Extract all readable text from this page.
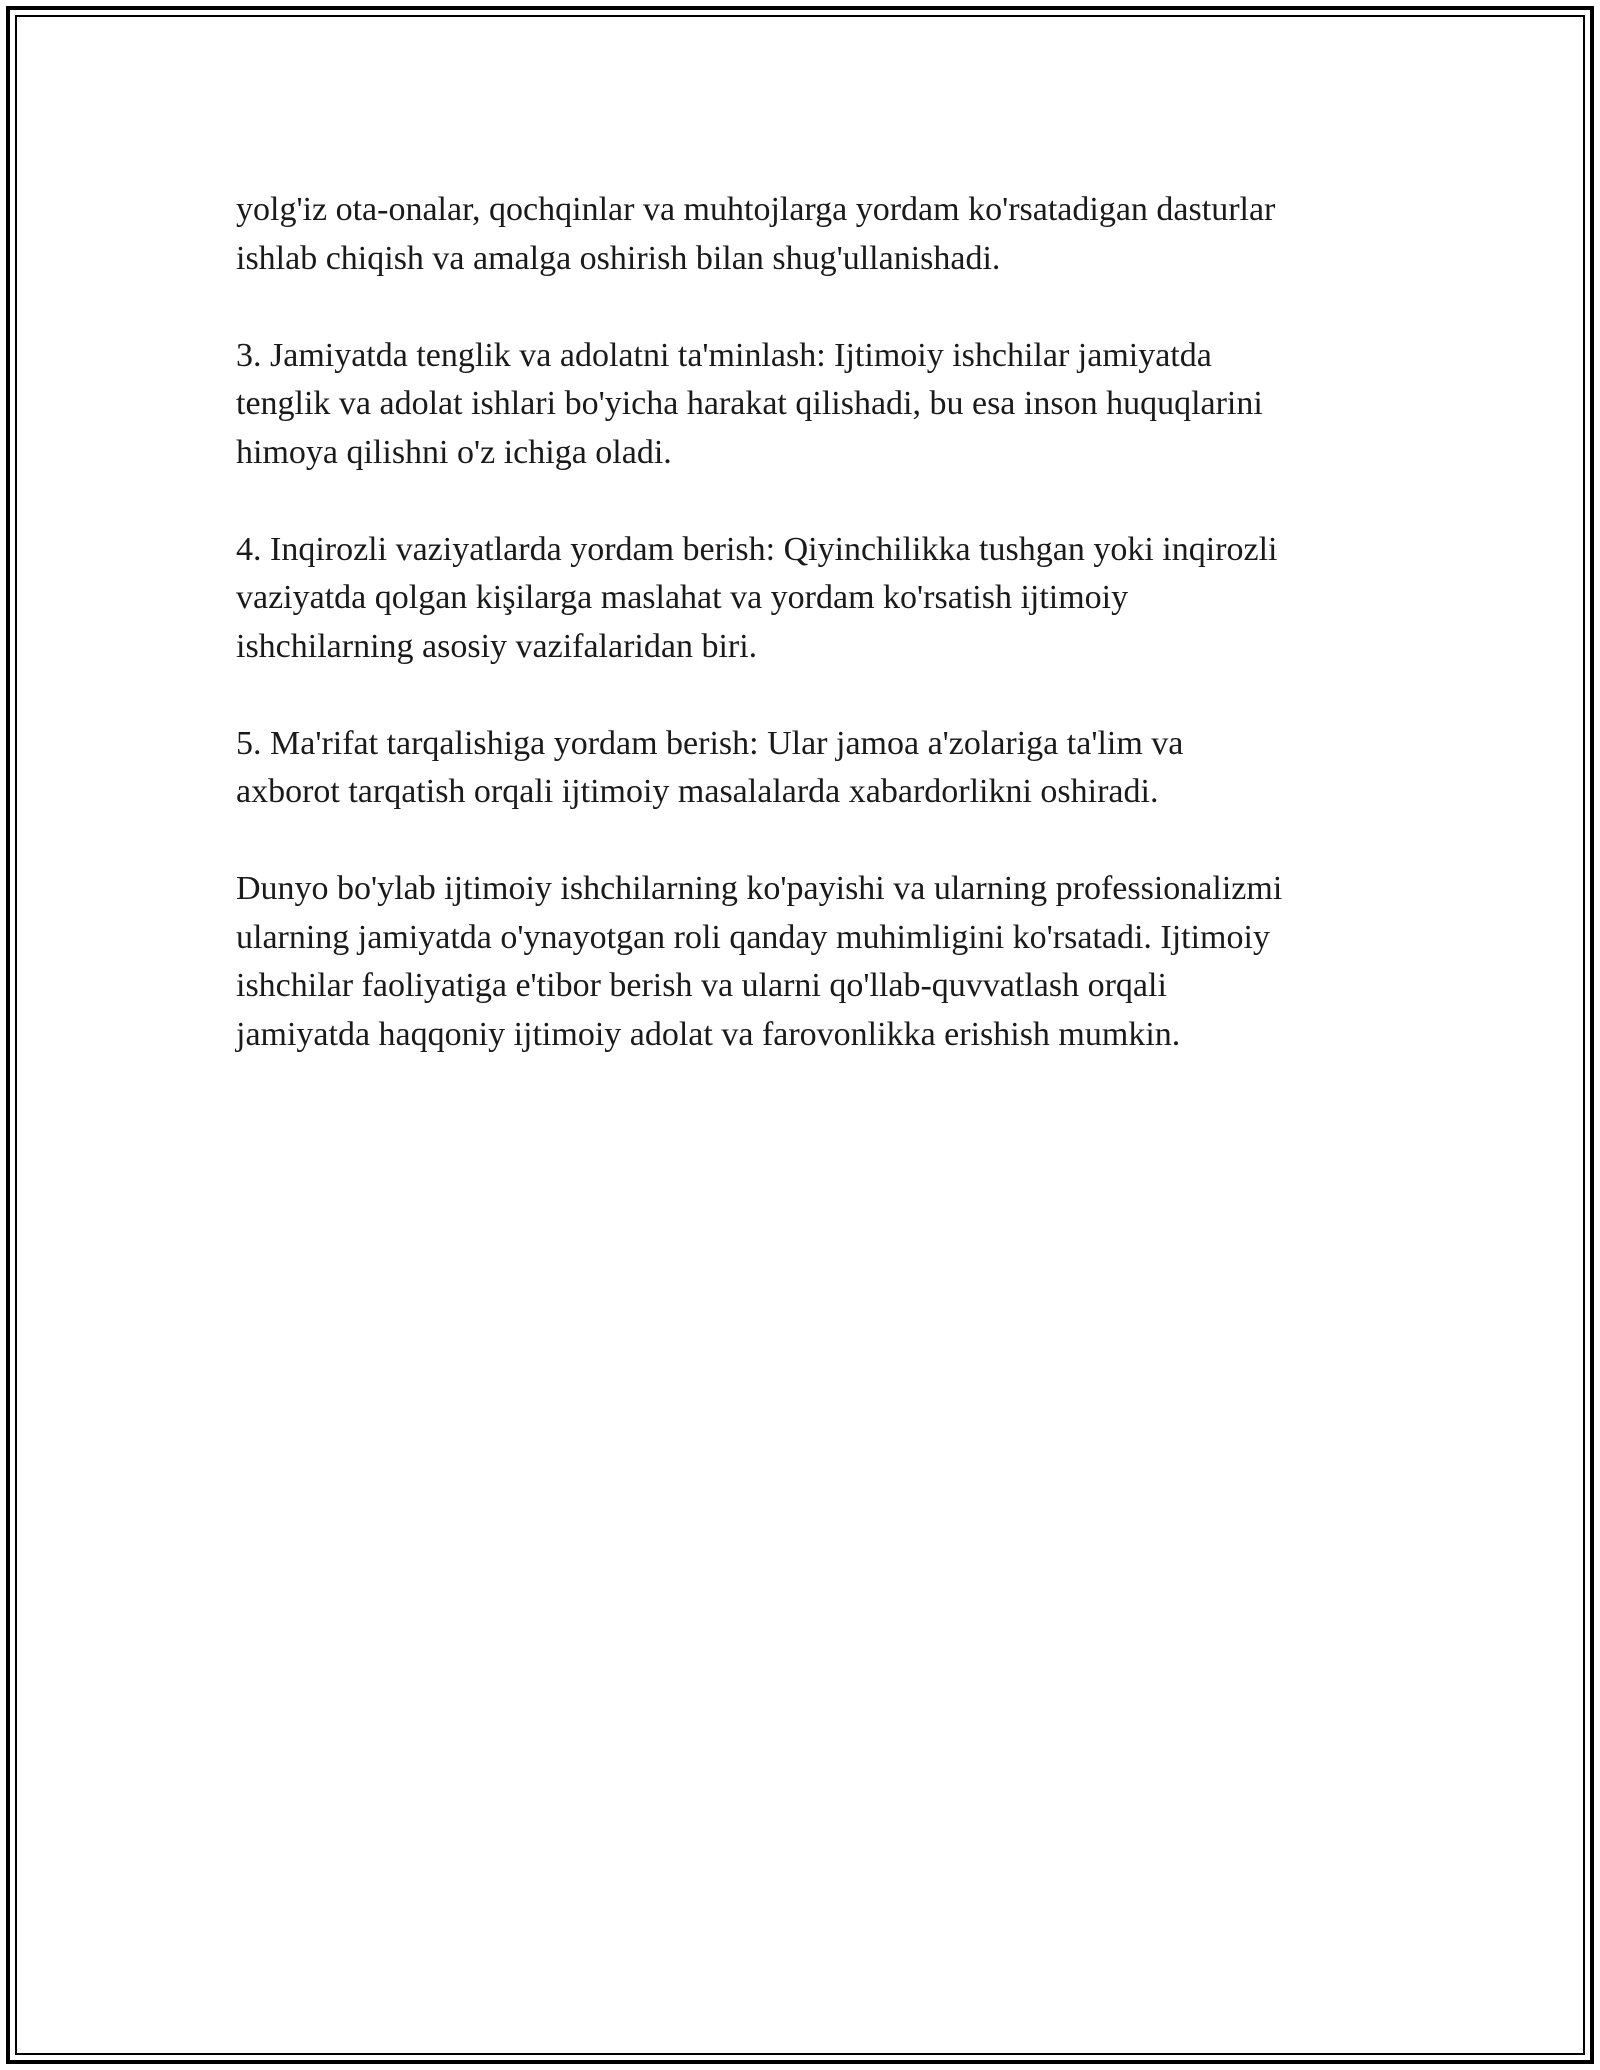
yolg'iz ota-onalar, qochqinlar va muhtojlarga yordam ko'rsatadigan dasturlar
ishlab chiqish va amalga oshirish bilan shug'ullanishadi.

3. Jamiyatda tenglik va adolatni ta'minlash: Ijtimoiy ishchilar jamiyatda
tenglik va adolat ishlari bo'yicha harakat qilishadi, bu esa inson huquqlarini
himoya qilishni o'z ichiga oladi.

4. Inqirozli vaziyatlarda yordam berish: Qiyinchilikka tushgan yoki inqirozli
vaziyatda qolgan kişilarga maslahat va yordam ko'rsatish ijtimoiy
ishchilarning asosiy vazifalaridan biri.

5. Ma'rifat tarqalishiga yordam berish: Ular jamoa a'zolariga ta'lim va
axborot tarqatish orqali ijtimoiy masalalarda xabardorlikni oshiradi.

Dunyo bo'ylab ijtimoiy ishchilarning ko'payishi va ularning professionalizmi
ularning jamiyatda o'ynayotgan roli qanday muhimligini ko'rsatadi. Ijtimoiy
ishchilar faoliyatiga e'tibor berish va ularni qo'llab-quvvatlash orqali
jamiyatda haqqoniy ijtimoiy adolat va farovonlikka erishish mumkin.
